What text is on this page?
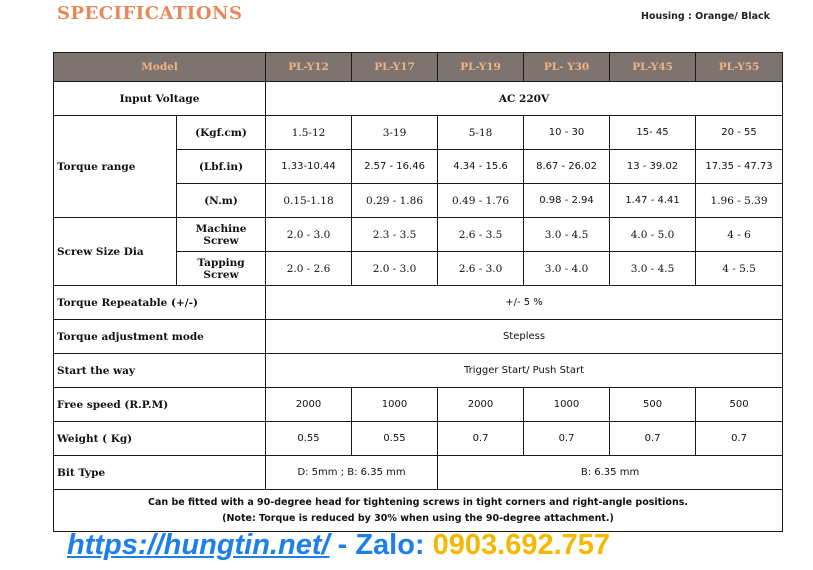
SPECIFICATIONS	Housing : Orange/ Black
Model		PL-Y12	PL-Y17	PL-Y19	PL- Y30	PL-Y45	PL-Y55
Input Voltage		AC 220V					
Torque range	(Kgf.cm)	1.5-12	3-19	5-18	10 - 30	15- 45	20 - 55
	(Lbf.in)	1.33-10.44	2.57 - 16.46	4.34 - 15.6	8.67 - 26.02	13 - 39.02	17.35 - 47.73
	(N.m)	0.15-1.18	0.29 - 1.86	0.49 - 1.76	0.98 - 2.94	1.47 - 4.41	1.96 - 5.39
Screw Size Dia	Machine Screw	2.0 - 3.0	2.3 - 3.5	2.6 - 3.5	3.0 - 4.5	4.0 - 5.0	4 - 6
	Tapping Screw	2.0 - 2.6	2.0 - 3.0	2.6 - 3.0	3.0 - 4.0	3.0 - 4.5	4 - 5.5
Torque Repeatable (+/-)		+/- 5 %					
Torque adjustment mode		Stepless					
Start the way		Trigger Start/ Push Start					
Free speed (R.P.M)		2000	1000	2000	1000	500	500
Weight ( Kg)		0.55	0.55	0.7	0.7	0.7	0.7
Bit Type		D: 5mm ; B: 6.35 mm		B: 6.35 mm			

Can be fitted with a 90-degree head for tightening screws in tight corners and right-angle positions.
(Note: Torque is reduced by 30% when using the 90-degree attachment.)							
https://hungtin.net/ - Zalo: 0903.692.757
